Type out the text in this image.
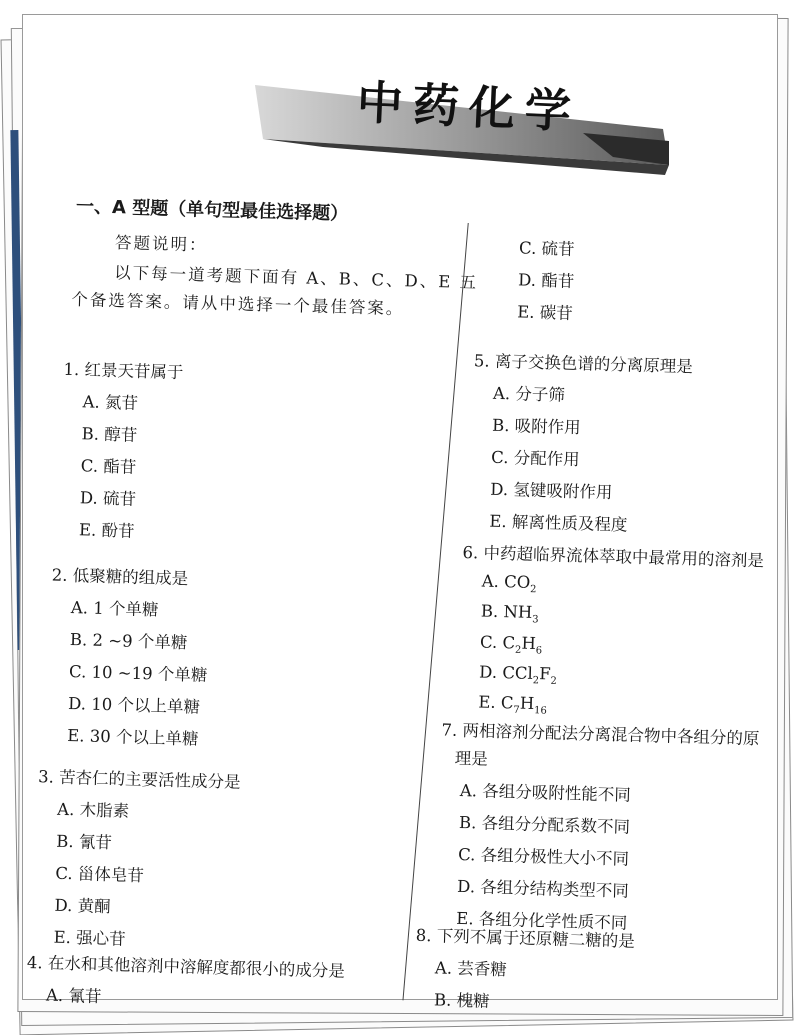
中药化学
一、A 型题（单句型最佳选择题）
答题说明：
以下每一道考题下面有 A、B、C、D、E 五
个备选答案。请从中选择一个最佳答案。
1. 红景天苷属于
A. 氮苷
B. 醇苷
C. 酯苷
D. 硫苷
E. 酚苷
2. 低聚糖的组成是
A. 1 个单糖
B. 2 ~9 个单糖
C. 10 ~19 个单糖
D. 10 个以上单糖
E. 30 个以上单糖
3. 苦杏仁的主要活性成分是
A. 木脂素
B. 氰苷
C. 甾体皂苷
D. 黄酮
E. 强心苷
4. 在水和其他溶剂中溶解度都很小的成分是
A. 氰苷
C. 硫苷
D. 酯苷
E. 碳苷
5. 离子交换色谱的分离原理是
A. 分子筛
B. 吸附作用
C. 分配作用
D. 氢键吸附作用
E. 解离性质及程度
6. 中药超临界流体萃取中最常用的溶剂是
A. $CO_2$
B. $NH_3$
C. $C_2H_6$
D. $CCl_2F_2$
E. $C_7H_{16}$
7. 两相溶剂分配法分离混合物中各组分的原
理是
A. 各组分吸附性能不同
B. 各组分分配系数不同
C. 各组分极性大小不同
D. 各组分结构类型不同
E. 各组分化学性质不同
8. 下列不属于还原糖二糖的是
A. 芸香糖
B. 槐糖
